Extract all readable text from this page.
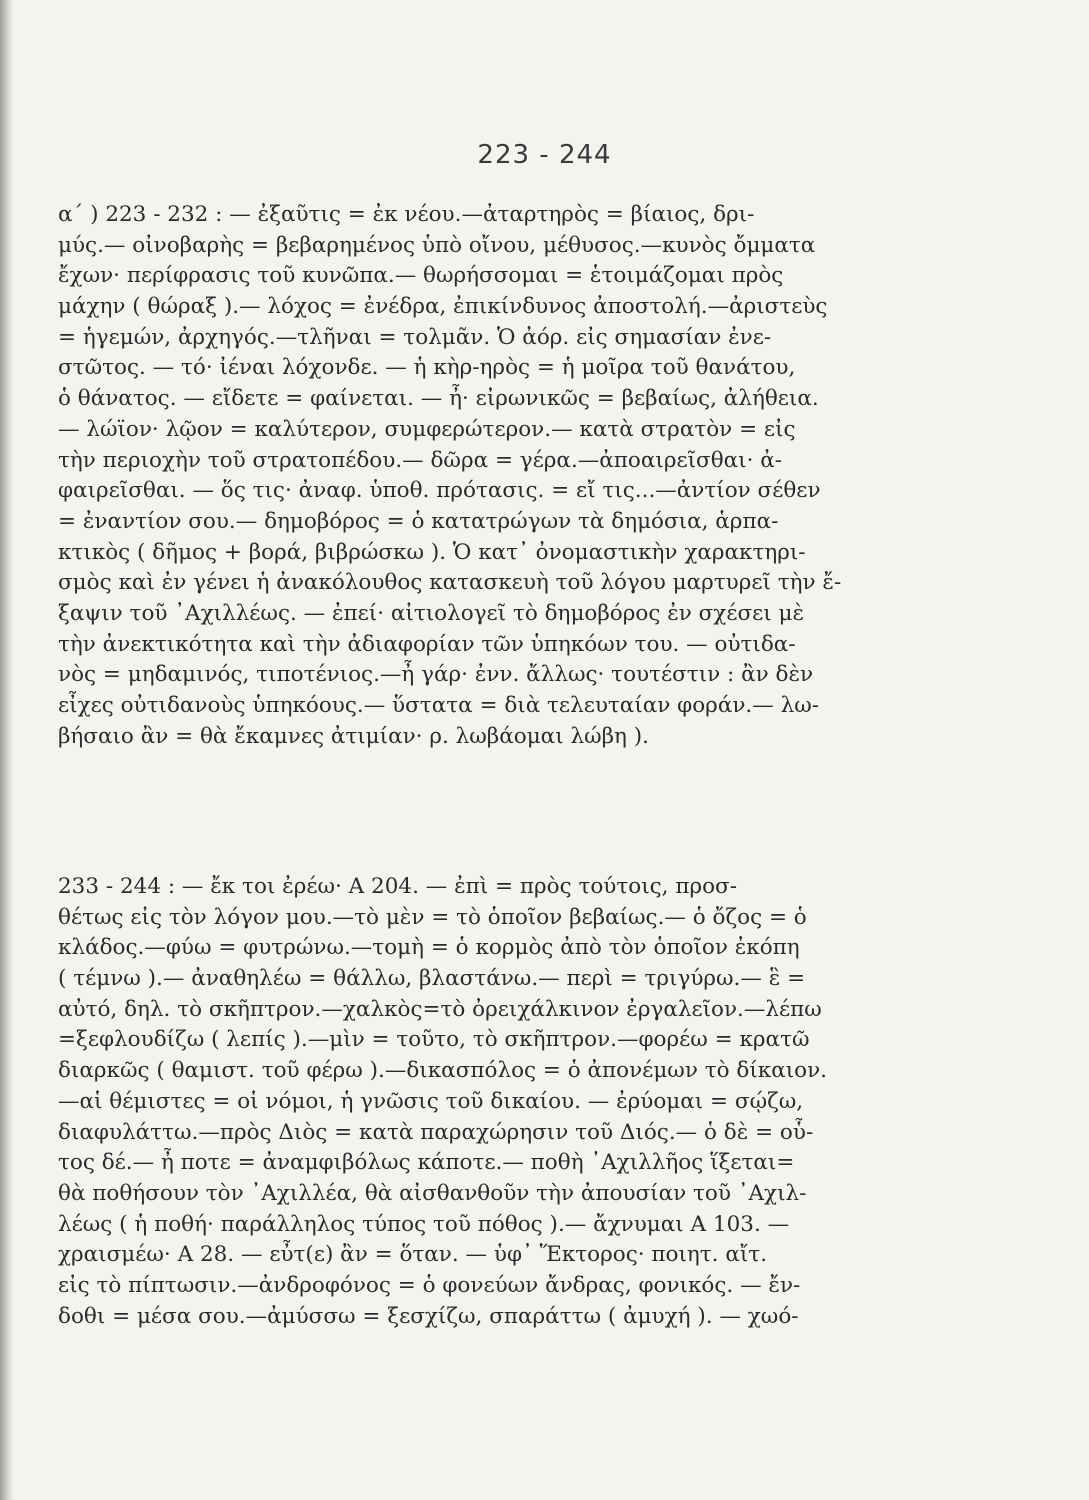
223 - 244
α΄ ) 223 - 232 : — ἐξαῦτις = ἐκ νέου.—ἀταρτηρὸς = βίαιος, δρι-
μύς.— οἰνοβαρὴς = βεβαρημένος ὑπὸ οἴνου, μέθυσος.—κυνὸς ὄμματα
ἔχων· περίφρασις τοῦ κυνῶπα.— θωρήσσομαι = ἑτοιμάζομαι πρὸς
μάχην ( θώραξ ).— λόχος = ἐνέδρα, ἐπικίνδυνος ἀποστολή.—ἀριστεὺς
= ἡγεμών, ἀρχηγός.—τλῆναι = τολμᾶν. Ὁ ἀόρ. εἰς σημασίαν ἐνε-
στῶτος. — τό· ἰέναι λόχονδε. — ἡ κὴρ-ηρὸς = ἡ μοῖρα τοῦ θανάτου,
ὁ θάνατος. — εἴδετε = φαίνεται. — ἦ· εἰρωνικῶς = βεβαίως, ἀλήθεια.
— λώϊον· λῷον = καλύτερον, συμφερώτερον.— κατὰ στρατὸν = εἰς
τὴν περιοχὴν τοῦ στρατοπέδου.— δῶρα = γέρα.—ἀποαιρεῖσθαι· ἀ-
φαιρεῖσθαι. — ὅς τις· ἀναφ. ὑποθ. πρότασις. = εἴ τις...—ἀντίον σέθεν
= ἐναντίον σου.— δημοβόρος = ὁ κατατρώγων τὰ δημόσια, ἁρπα-
κτικὸς ( δῆμος + βορά, βιβρώσκω ). Ὁ κατ᾽ ὀνομαστικὴν χαρακτηρι-
σμὸς καὶ ἐν γένει ἡ ἀνακόλουθος κατασκευὴ τοῦ λόγου μαρτυρεῖ τὴν ἔ-
ξαψιν τοῦ ᾽Αχιλλέως. — ἐπεί· αἰτιολογεῖ τὸ δημοβόρος ἐν σχέσει μὲ
τὴν ἀνεκτικότητα καὶ τὴν ἀδιαφορίαν τῶν ὑπηκόων του. — οὐτιδα-
νὸς = μηδαμινός, τιποτένιος.—ἦ γάρ· ἐνν. ἄλλως· τουτέστιν : ἂν δὲν
εἶχες οὐτιδανοὺς ὑπηκόους.— ὕστατα = διὰ τελευταίαν φοράν.— λω-
βήσαιο ἂν = θὰ ἔκαμνες ἀτιμίαν· ρ. λωβάομαι λώβη ).
233 - 244 : — ἔκ τοι ἐρέω· Α 204. — ἐπὶ = πρὸς τούτοις, προσ-
θέτως εἰς τὸν λόγον μου.—τὸ μὲν = τὸ ὁποῖον βεβαίως.— ὁ ὄζος = ὁ
κλάδος.—φύω = φυτρώνω.—τομὴ = ὁ κορμὸς ἀπὸ τὸν ὁποῖον ἐκόπη
( τέμνω ).— ἀναθηλέω = θάλλω, βλαστάνω.— περὶ = τριγύρω.— ἓ =
αὐτό, δηλ. τὸ σκῆπτρον.—χαλκὸς=τὸ ὀρειχάλκινον ἐργαλεῖον.—λέπω
=ξεφλουδίζω ( λεπίς ).—μὶν = τοῦτο, τὸ σκῆπτρον.—φορέω = κρατῶ
διαρκῶς ( θαμιστ. τοῦ φέρω ).—δικασπόλος = ὁ ἀπονέμων τὸ δίκαιον.
—αἱ θέμιστες = οἱ νόμοι, ἡ γνῶσις τοῦ δικαίου. — ἐρύομαι = σῴζω,
διαφυλάττω.—πρὸς Διὸς = κατὰ παραχώρησιν τοῦ Διός.— ὁ δὲ = οὗ-
τος δέ.— ἦ ποτε = ἀναμφιβόλως κάποτε.— ποθὴ ᾽Αχιλλῆος ἵξεται=
θὰ ποθήσουν τὸν ᾽Αχιλλέα, θὰ αἰσθανθοῦν τὴν ἀπουσίαν τοῦ ᾽Αχιλ-
λέως ( ἡ ποθή· παράλληλος τύπος τοῦ πόθος ).— ἄχνυμαι Α 103. —
χραισμέω· Α 28. — εὖτ(ε) ἂν = ὅταν. — ὑφ᾽ Ἕκτορος· ποιητ. αἴτ.
εἰς τὸ πίπτωσιν.—ἀνδροφόνος = ὁ φονεύων ἄνδρας, φονικός. — ἔν-
δοθι = μέσα σου.—ἀμύσσω = ξεσχίζω, σπαράττω ( ἀμυχή ). — χωό-
